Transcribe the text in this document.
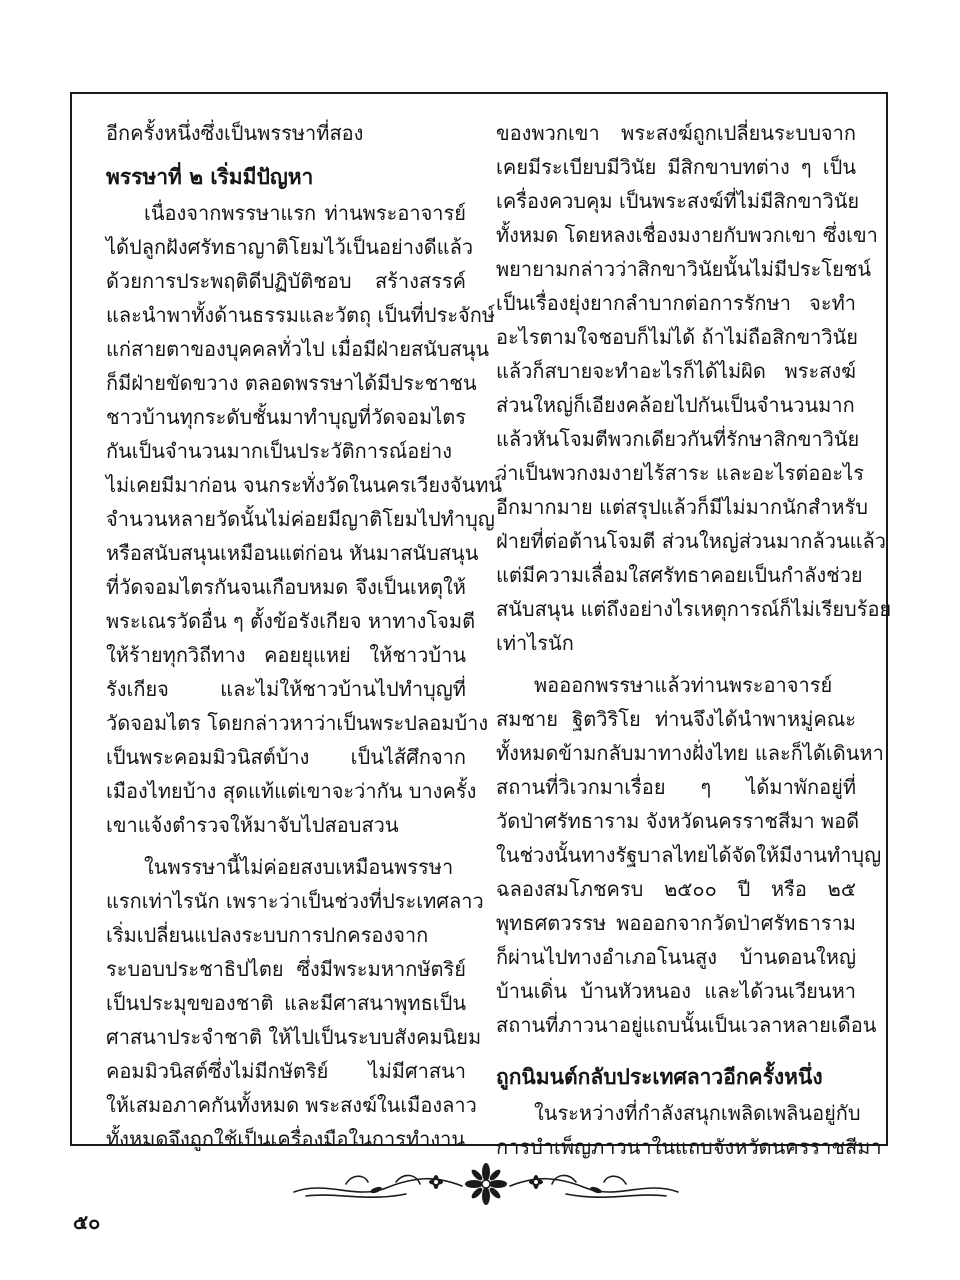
อีกครั้งหนึ่งซึ่งเป็นพรรษาที่สอง
พรรษาที่ ๒ เริ่มมีปัญหา
เนื่องจากพรรษาแรก ท่านพระอาจารย์
ได้ปลูกฝังศรัทธาญาติโยมไว้เป็นอย่างดีแล้ว
ด้วยการประพฤติดีปฏิบัติชอบ สร้างสรรค์
และนำพาทั้งด้านธรรมและวัตถุ เป็นที่ประจักษ์
แก่สายตาของบุคคลทั่วไป เมื่อมีฝ่ายสนับสนุน
ก็มีฝ่ายขัดขวาง ตลอดพรรษาได้มีประชาชน
ชาวบ้านทุกระดับชั้นมาทำบุญที่วัดจอมไตร
กันเป็นจำนวนมากเป็นประวัติการณ์อย่าง
ไม่เคยมีมาก่อน จนกระทั่งวัดในนครเวียงจันทน์
จำนวนหลายวัดนั้นไม่ค่อยมีญาติโยมไปทำบุญ
หรือสนับสนุนเหมือนแต่ก่อน หันมาสนับสนุน
ที่วัดจอมไตรกันจนเกือบหมด จึงเป็นเหตุให้
พระเณรวัดอื่น ๆ ตั้งข้อรังเกียจ หาทางโจมตี
ให้ร้ายทุกวิถีทาง คอยยุแหย่ ให้ชาวบ้าน
รังเกียจ และไม่ให้ชาวบ้านไปทำบุญที่
วัดจอมไตร โดยกล่าวหาว่าเป็นพระปลอมบ้าง
เป็นพระคอมมิวนิสต์บ้าง เป็นไส้ศึกจาก
เมืองไทยบ้าง สุดแท้แต่เขาจะว่ากัน บางครั้ง
เขาแจ้งตำรวจให้มาจับไปสอบสวน
ในพรรษานี้ไม่ค่อยสงบเหมือนพรรษา
แรกเท่าไรนัก เพราะว่าเป็นช่วงที่ประเทศลาว
เริ่มเปลี่ยนแปลงระบบการปกครองจาก
ระบอบประชาธิปไตย ซึ่งมีพระมหากษัตริย์
เป็นประมุขของชาติ และมีศาสนาพุทธเป็น
ศาสนาประจำชาติ ให้ไปเป็นระบบสังคมนิยม
คอมมิวนิสต์ซึ่งไม่มีกษัตริย์ ไม่มีศาสนา
ให้เสมอภาคกันทั้งหมด พระสงฆ์ในเมืองลาว
ทั้งหมดจึงถูกใช้เป็นเครื่องมือในการทำงาน
ของพวกเขา พระสงฆ์ถูกเปลี่ยนระบบจาก
เคยมีระเบียบมีวินัย มีสิกขาบทต่าง ๆ เป็น
เครื่องควบคุม เป็นพระสงฆ์ที่ไม่มีสิกขาวินัย
ทั้งหมด โดยหลงเชื่องมงายกับพวกเขา ซึ่งเขา
พยายามกล่าวว่าสิกขาวินัยนั้นไม่มีประโยชน์
เป็นเรื่องยุ่งยากลำบากต่อการรักษา จะทำ
อะไรตามใจชอบก็ไม่ได้ ถ้าไม่ถือสิกขาวินัย
แล้วก็สบายจะทำอะไรก็ได้ไม่ผิด พระสงฆ์
ส่วนใหญ่ก็เอียงคล้อยไปกันเป็นจำนวนมาก
แล้วหันโจมตีพวกเดียวกันที่รักษาสิกขาวินัย
ว่าเป็นพวกงมงายไร้สาระ และอะไรต่ออะไร
อีกมากมาย แต่สรุปแล้วก็มีไม่มากนักสำหรับ
ฝ่ายที่ต่อต้านโจมตี ส่วนใหญ่ส่วนมากล้วนแล้ว
แต่มีความเลื่อมใสศรัทธาคอยเป็นกำลังช่วย
สนับสนุน แต่ถึงอย่างไรเหตุการณ์ก็ไม่เรียบร้อย
เท่าไรนัก
พอออกพรรษาแล้วท่านพระอาจารย์
สมชาย ฐิตวิริโย ท่านจึงได้นำพาหมู่คณะ
ทั้งหมดข้ามกลับมาทางฝั่งไทย และก็ได้เดินหา
สถานที่วิเวกมาเรื่อย ๆ ได้มาพักอยู่ที่
วัดป่าศรัทธาราม จังหวัดนครราชสีมา พอดี
ในช่วงนั้นทางรัฐบาลไทยได้จัดให้มีงานทำบุญ
ฉลองสมโภชครบ ๒๕๐๐ ปี หรือ ๒๕
พุทธศตวรรษ พอออกจากวัดป่าศรัทธาราม
ก็ผ่านไปทางอำเภอโนนสูง บ้านดอนใหญ่
บ้านเดิ่น บ้านหัวหนอง และได้วนเวียนหา
สถานที่ภาวนาอยู่แถบนั้นเป็นเวลาหลายเดือน
ถูกนิมนต์กลับประเทศลาวอีกครั้งหนึ่ง
ในระหว่างที่กำลังสนุกเพลิดเพลินอยู่กับ
การบำเพ็ญภาวนาในแถบจังหวัดนครราชสีมา
๕๐
